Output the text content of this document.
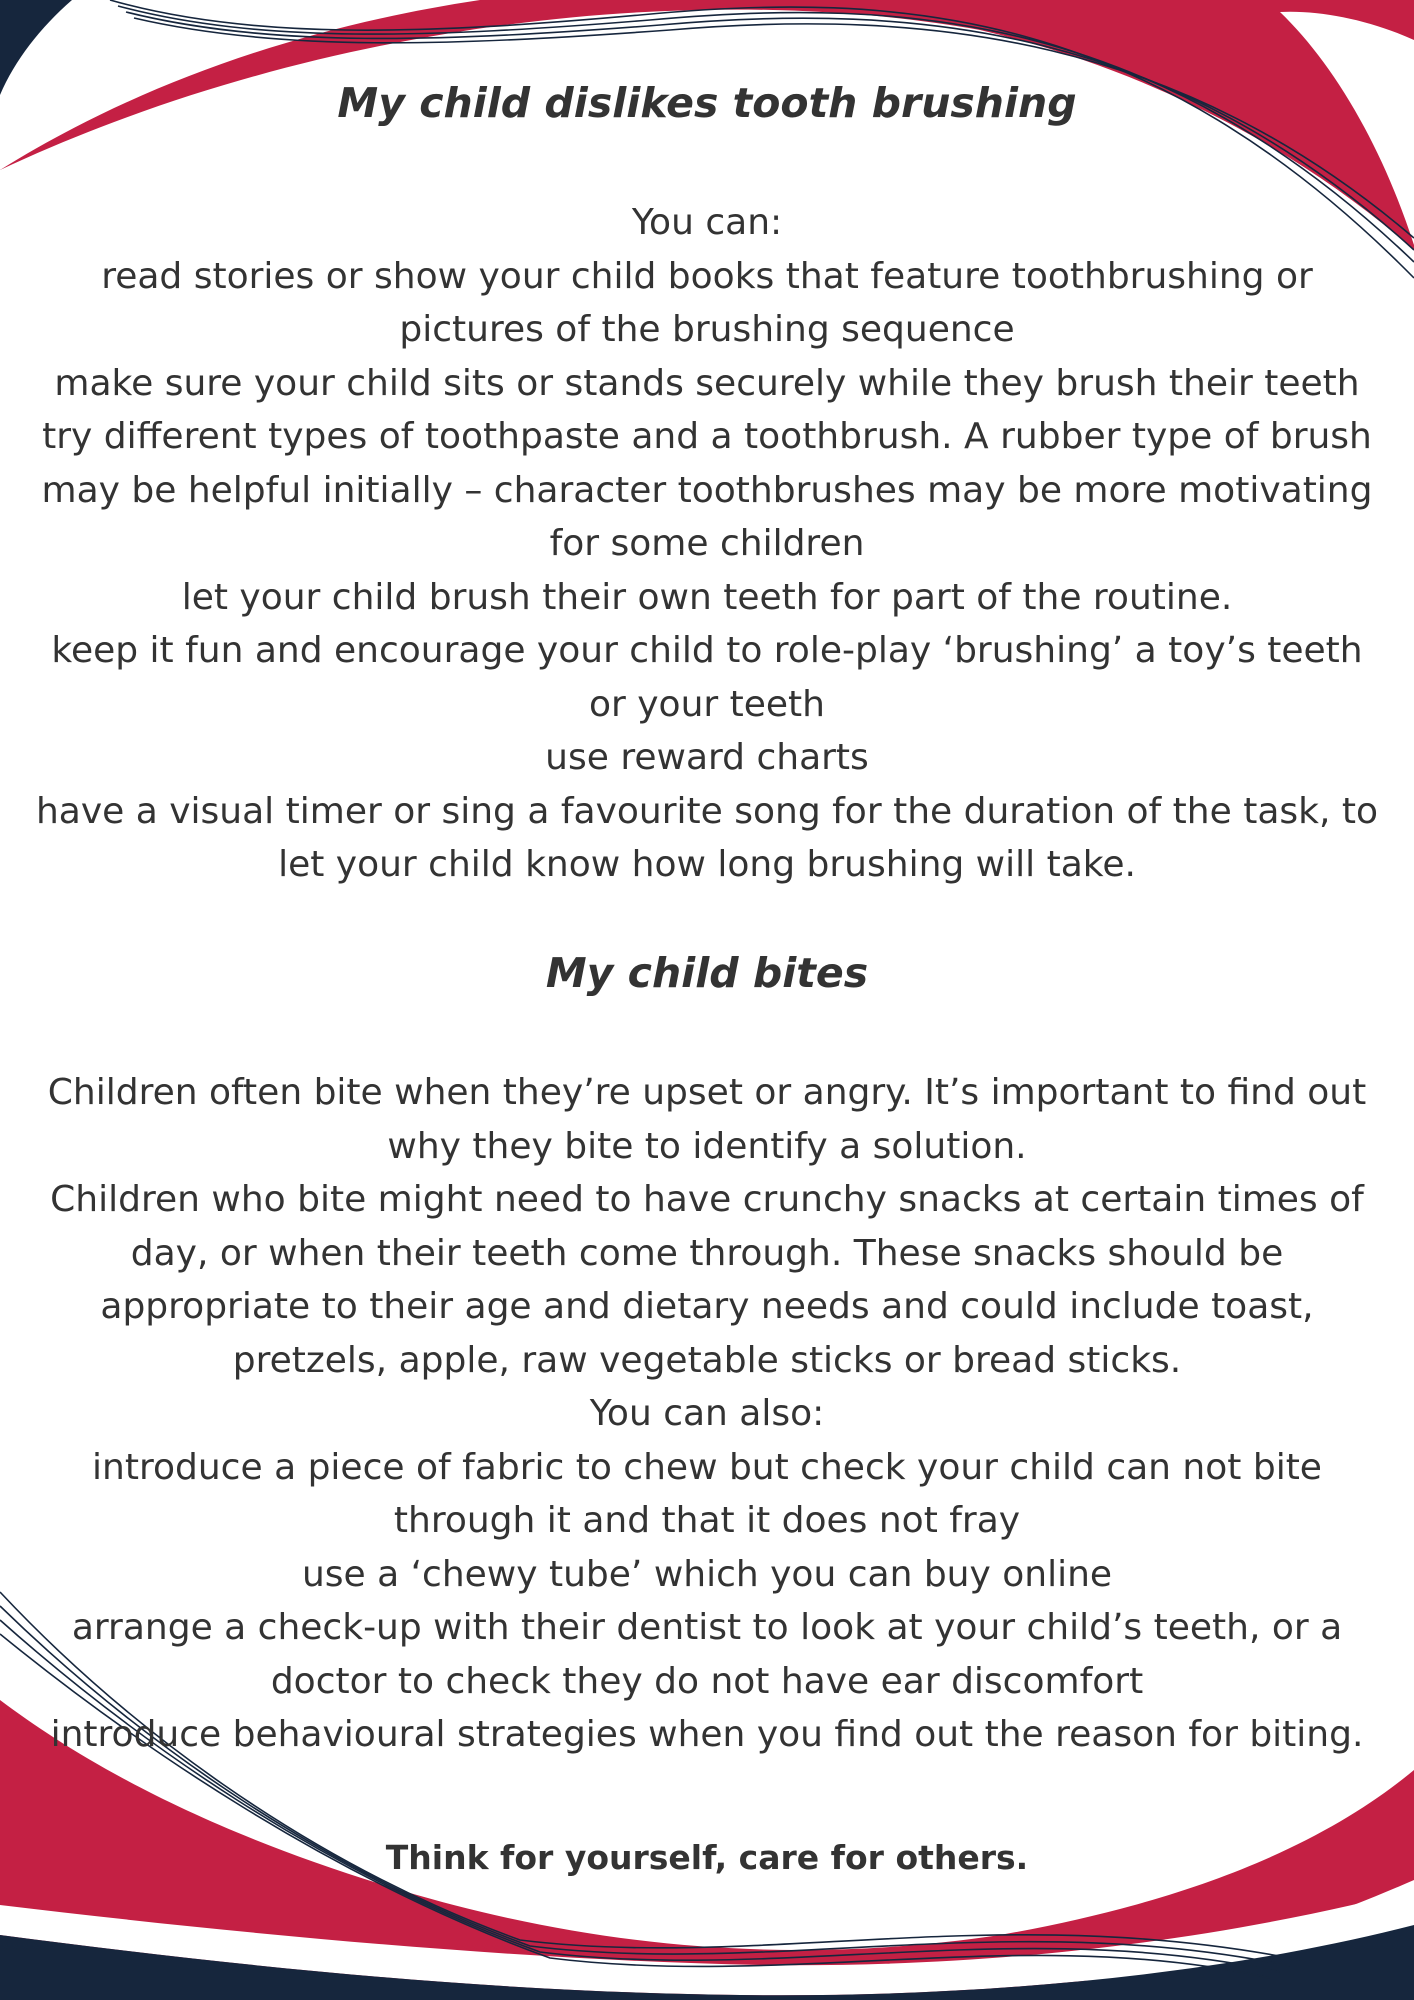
My child dislikes tooth brushing

You can:

read stories or show your child books that feature toothbrushing or pictures of the brushing sequence

make sure your child sits or stands securely while they brush their teeth

try different types of toothpaste and a toothbrush. A rubber type of brush may be helpful initially – character toothbrushes may be more motivating for some children

let your child brush their own teeth for part of the routine.

keep it fun and encourage your child to role-play ‘brushing’ a toy’s teeth or your teeth

use reward charts

have a visual timer or sing a favourite song for the duration of the task, to let your child know how long brushing will take.

My child bites

Children often bite when they’re upset or angry. It’s important to find out why they bite to identify a solution.

Children who bite might need to have crunchy snacks at certain times of day, or when their teeth come through. These snacks should be appropriate to their age and dietary needs and could include toast, pretzels, apple, raw vegetable sticks or bread sticks.

You can also:

introduce a piece of fabric to chew but check your child can not bite through it and that it does not fray

use a ‘chewy tube’ which you can buy online

arrange a check-up with their dentist to look at your child’s teeth, or a doctor to check they do not have ear discomfort

introduce behavioural strategies when you find out the reason for biting.

Think for yourself, care for others.
